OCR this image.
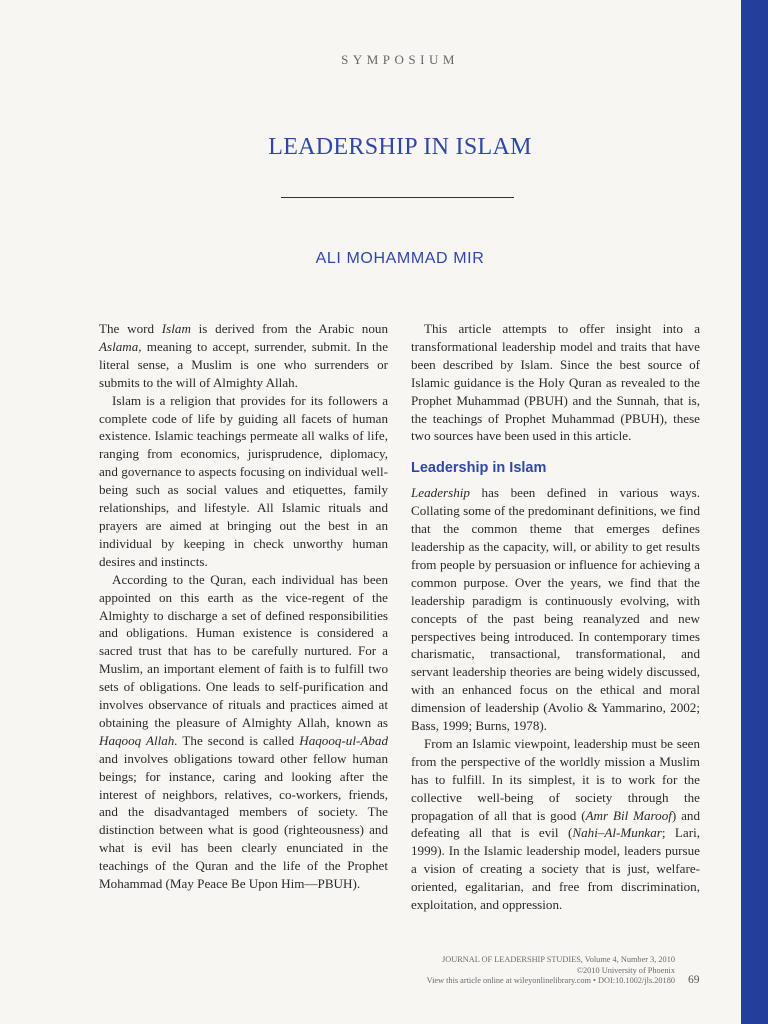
SYMPOSIUM
LEADERSHIP IN ISLAM
ALI MOHAMMAD MIR

The word Islam is derived from the Arabic noun Aslama, meaning to accept, surrender, submit. In the literal sense, a Muslim is one who surrenders or submits to the will of Almighty Allah.

Islam is a religion that provides for its followers a complete code of life by guiding all facets of human existence. Islamic teachings permeate all walks of life, ranging from economics, jurisprudence, diplomacy, and governance to aspects focusing on individual well-being such as social values and etiquettes, family relationships, and lifestyle. All Islamic rituals and prayers are aimed at bringing out the best in an individual by keeping in check unworthy human desires and instincts.

According to the Quran, each individual has been appointed on this earth as the vice-regent of the Almighty to discharge a set of defined responsibilities and obligations. Human existence is considered a sacred trust that has to be carefully nurtured. For a Muslim, an important element of faith is to fulfill two sets of obligations. One leads to self-purification and involves observance of rituals and practices aimed at obtaining the pleasure of Almighty Allah, known as Haqooq Allah. The second is called Haqooq-ul-Abad and involves obligations toward other fellow human beings; for instance, caring and looking after the interest of neighbors, relatives, co-workers, friends, and the disadvantaged members of society. The distinction between what is good (righteousness) and what is evil has been clearly enunciated in the teachings of the Quran and the life of the Prophet Mohammad (May Peace Be Upon Him—PBUH).

This article attempts to offer insight into a transformational leadership model and traits that have been described by Islam. Since the best source of Islamic guidance is the Holy Quran as revealed to the Prophet Muhammad (PBUH) and the Sunnah, that is, the teachings of Prophet Muhammad (PBUH), these two sources have been used in this article.

Leadership in Islam

Leadership has been defined in various ways. Collating some of the predominant definitions, we find that the common theme that emerges defines leadership as the capacity, will, or ability to get results from people by persuasion or influence for achieving a common purpose. Over the years, we find that the leadership paradigm is continuously evolving, with concepts of the past being reanalyzed and new perspectives being introduced. In contemporary times charismatic, transactional, transformational, and servant leadership theories are being widely discussed, with an enhanced focus on the ethical and moral dimension of leadership (Avolio & Yammarino, 2002; Bass, 1999; Burns, 1978).

From an Islamic viewpoint, leadership must be seen from the perspective of the worldly mission a Muslim has to fulfill. In its simplest, it is to work for the collective well-being of society through the propagation of all that is good (Amr Bil Maroof) and defeating all that is evil (Nahi–Al-Munkar; Lari, 1999). In the Islamic leadership model, leaders pursue a vision of creating a society that is just, welfare-oriented, egalitarian, and free from discrimination, exploitation, and oppression.

JOURNAL OF LEADERSHIP STUDIES, Volume 4, Number 3, 2010
©2010 University of Phoenix
View this article online at wileyonlinelibrary.com • DOI:10.1002/jls.20180 69
